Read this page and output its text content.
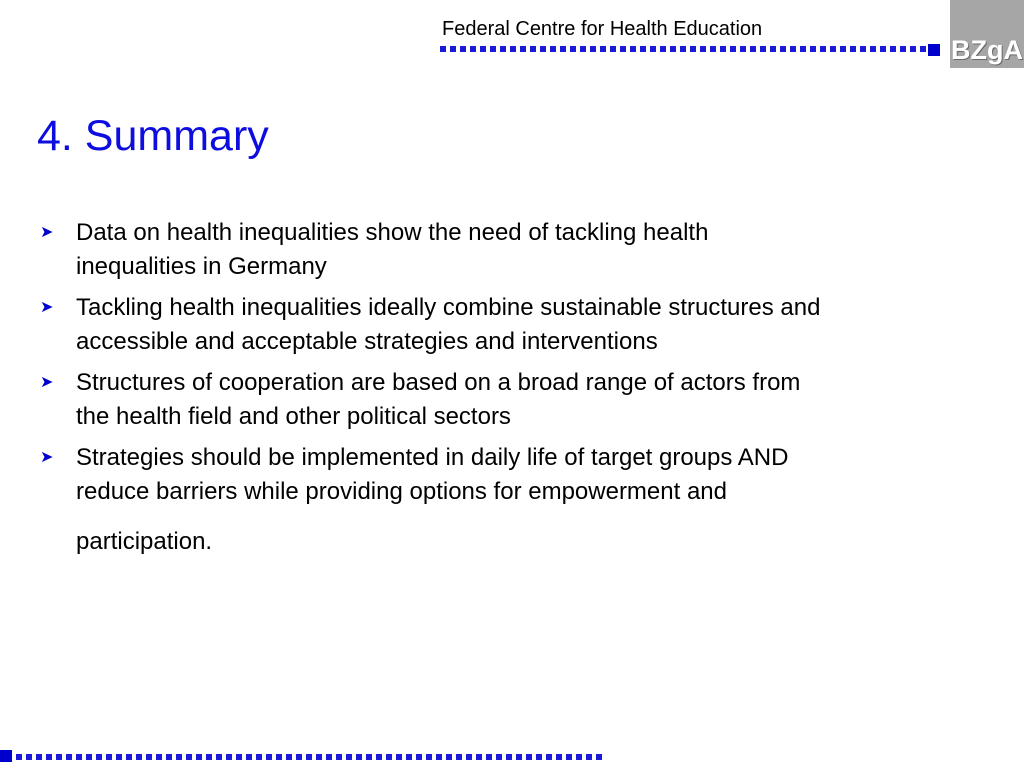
Federal Centre for Health Education
BZgA
4. Summary
➤ Data on health inequalities show the need of tackling health
inequalities in Germany
➤ Tackling health inequalities ideally combine sustainable structures and
accessible and acceptable strategies and interventions
➤ Structures of cooperation are based on a broad range of actors from
the health field and other political sectors
➤ Strategies should be implemented in daily life of target groups AND
reduce barriers while providing options for empowerment and
participation.
